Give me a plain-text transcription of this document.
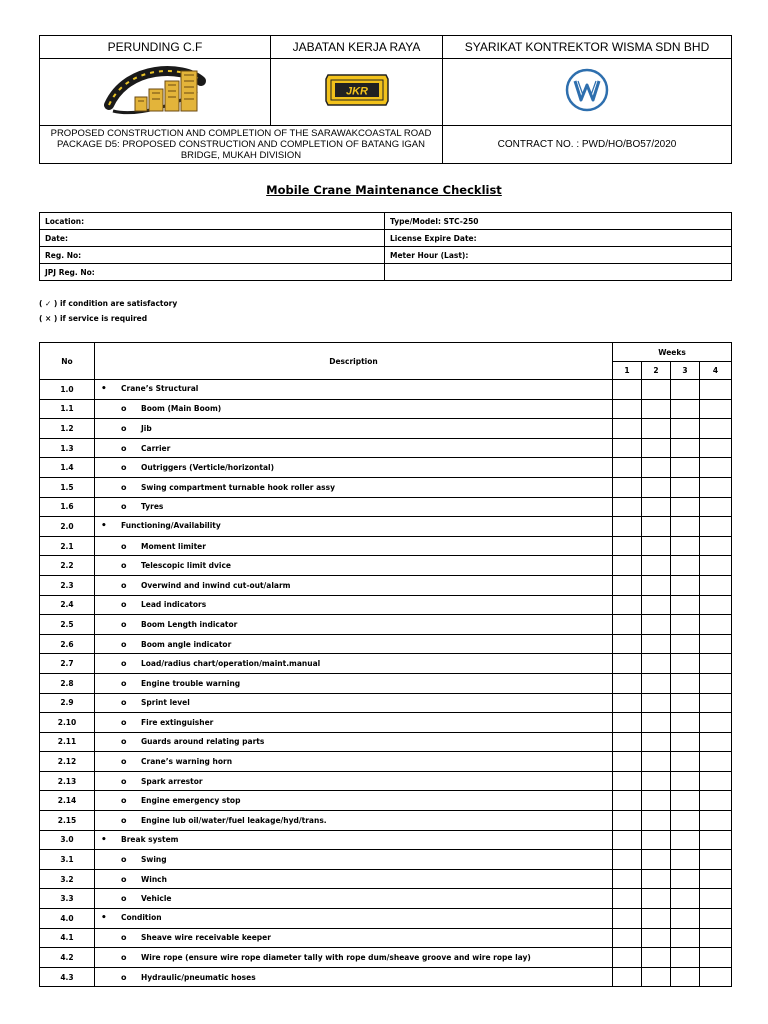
PERUNDING C.F	JABATAN KERJA RAYA	SYARIKAT KONTREKTOR WISMA SDN BHD

JKR

PROPOSED CONSTRUCTION AND COMPLETION OF THE SARAWAKCOASTAL ROAD PACKAGE D5: PROPOSED CONSTRUCTION AND COMPLETION OF BATANG IGAN BRIDGE, MUKAH DIVISION		CONTRACT NO. : PWD/HO/BO57/2020
Mobile Crane Maintenance Checklist
Location:	Type/Model: STC-250
Date:	License Expire Date:
Reg. No:	Meter Hour (Last):
JPJ Reg. No:	
( ✓ ) if condition are satisfactory
( × ) if service is required
No	Description	Weeks			
		1	2	3	4
1.0	• Crane’s Structural				
1.1	o Boom (Main Boom)				
1.2	o Jib				
1.3	o Carrier				
1.4	o Outriggers (Verticle/horizontal)				
1.5	o Swing compartment turnable hook roller assy				
1.6	o Tyres				
2.0	• Functioning/Availability				
2.1	o Moment limiter				
2.2	o Telescopic limit dvice				
2.3	o Overwind and inwind cut-out/alarm				
2.4	o Lead indicators				
2.5	o Boom Length indicator				
2.6	o Boom angle indicator				
2.7	o Load/radius chart/operation/maint.manual				
2.8	o Engine trouble warning				
2.9	o Sprint level				
2.10	o Fire extinguisher				
2.11	o Guards around relating parts				
2.12	o Crane’s warning horn				
2.13	o Spark arrestor				
2.14	o Engine emergency stop				
2.15	o Engine lub oil/water/fuel leakage/hyd/trans.				
3.0	• Break system				
3.1	o Swing				
3.2	o Winch				
3.3	o Vehicle				
4.0	• Condition				
4.1	o Sheave wire receivable keeper				
4.2	o Wire rope (ensure wire rope diameter tally with rope dum/sheave groove and wire rope lay)				
4.3	o Hydraulic/pneumatic hoses				
